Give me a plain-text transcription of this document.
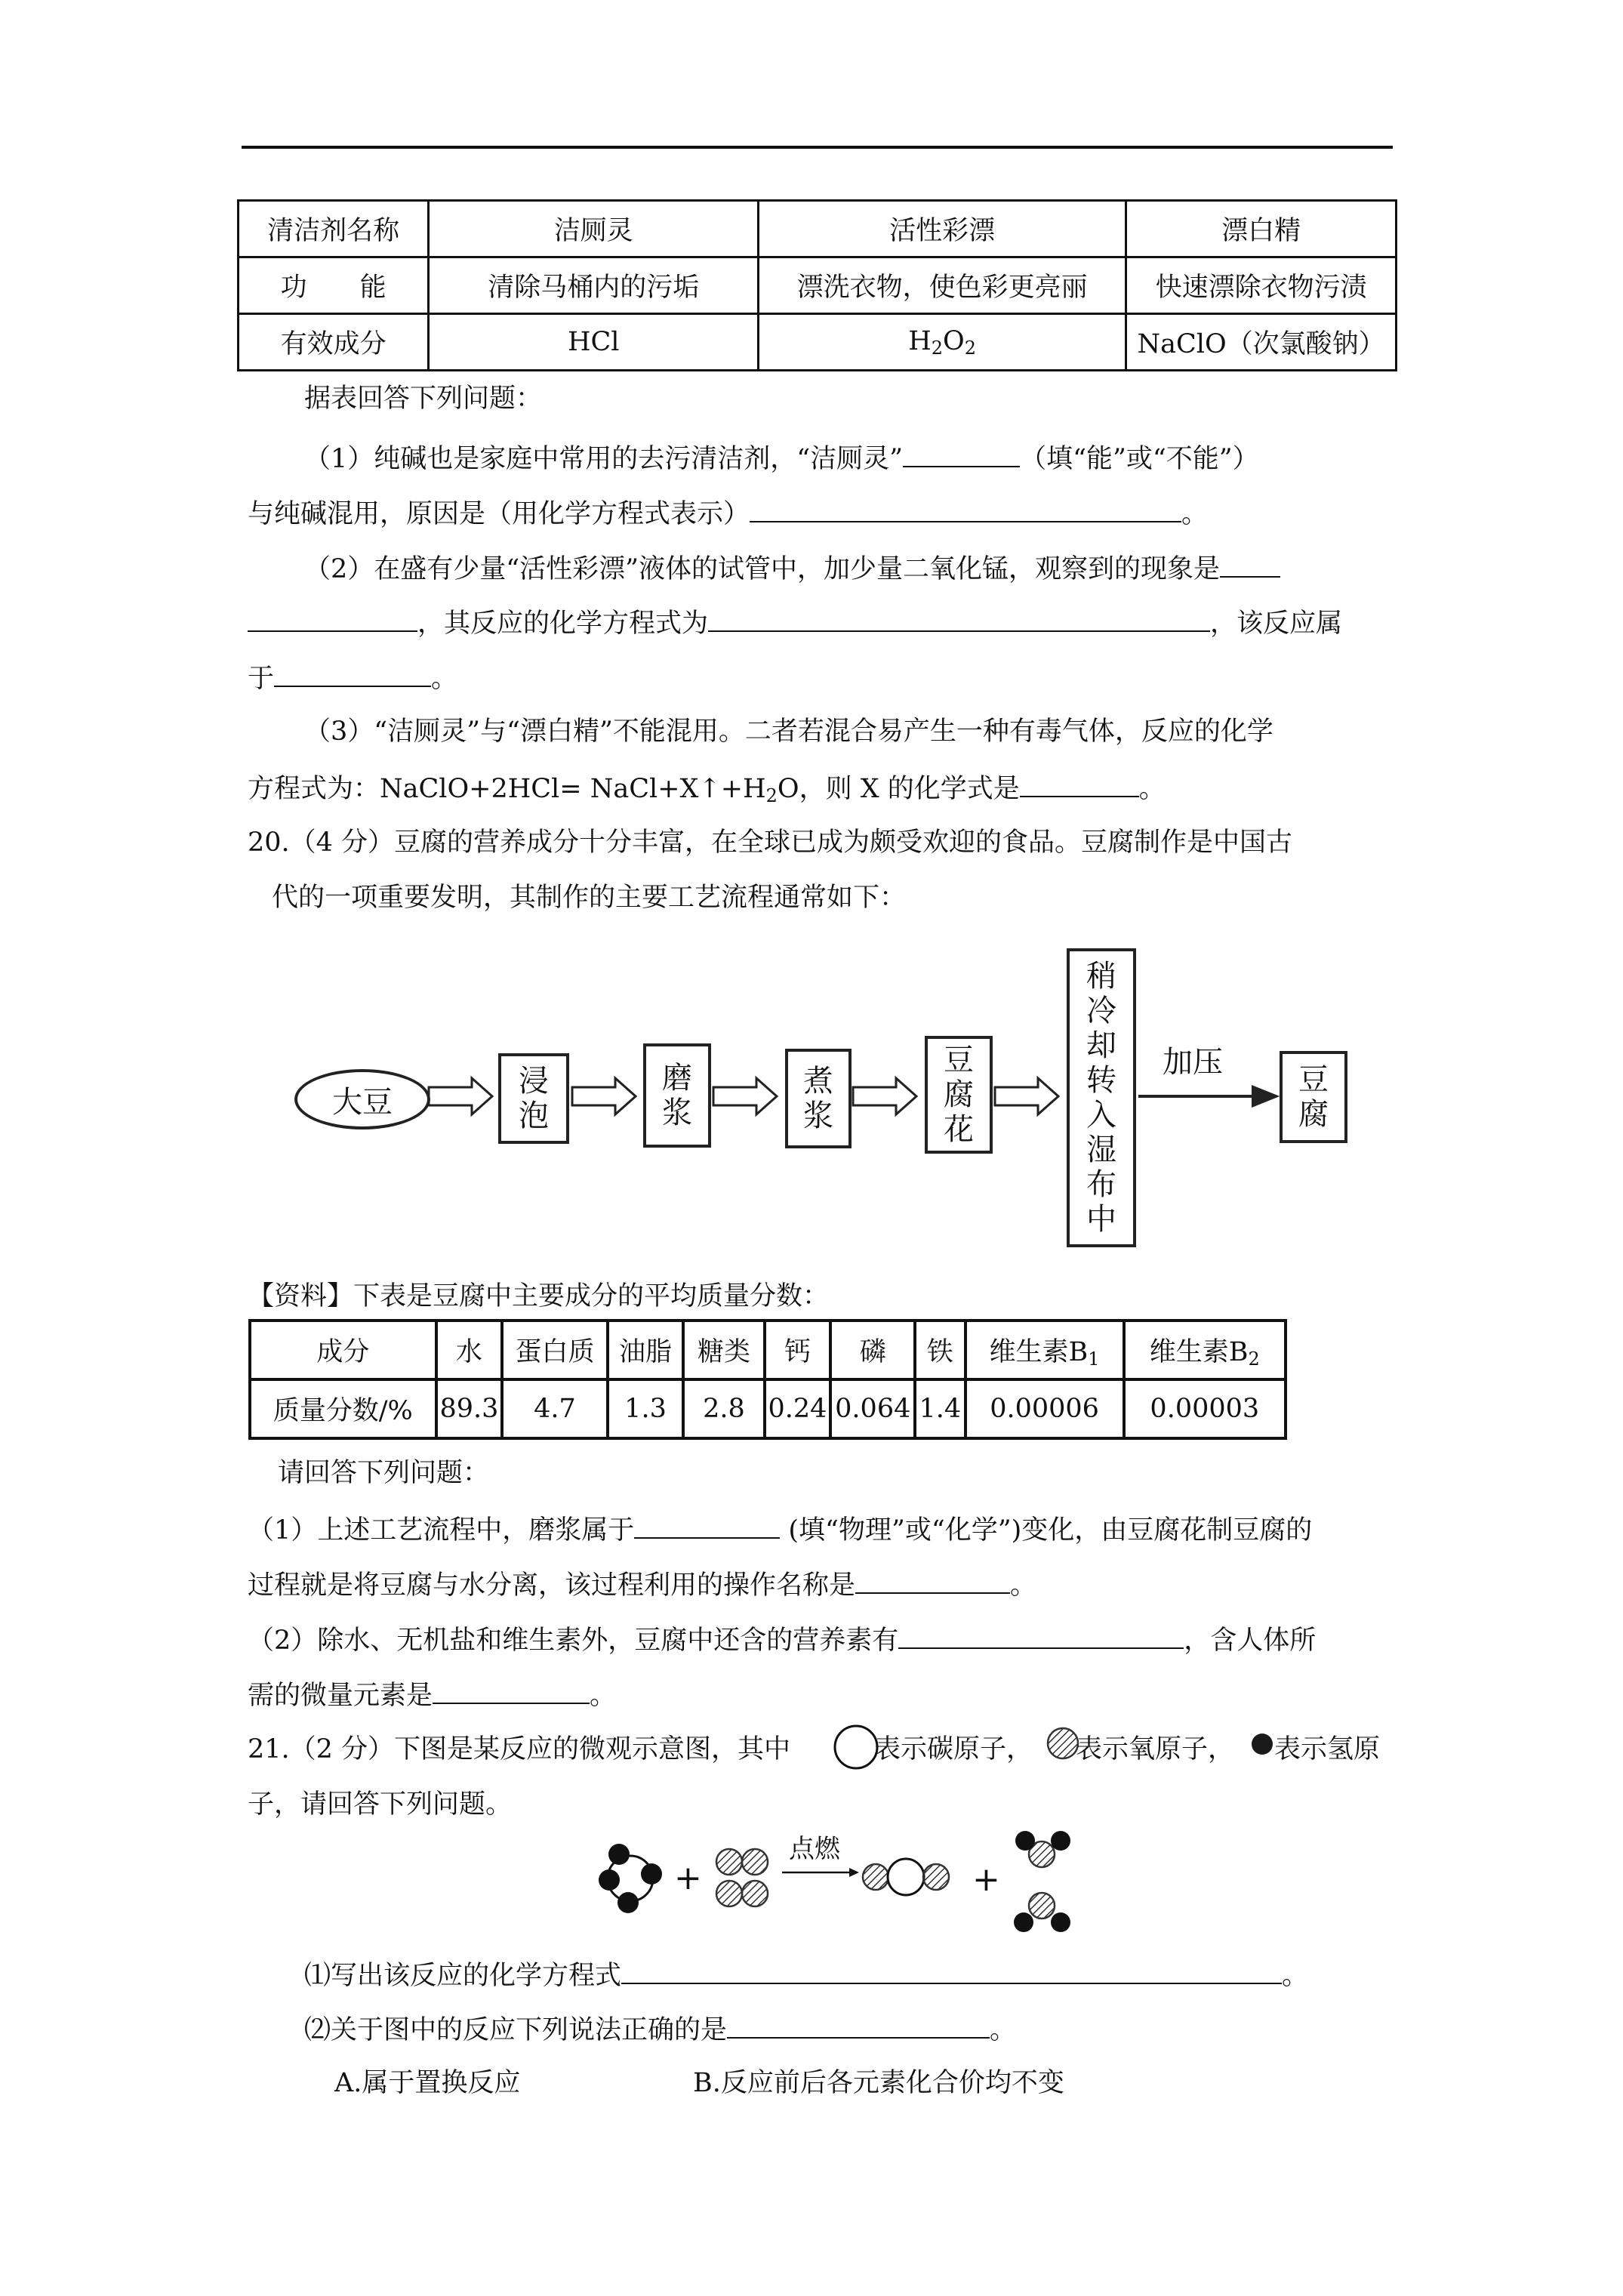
清洁剂名称	洁厕灵	活性彩漂	漂白精
功　　能	清除马桶内的污垢	漂洗衣物，使色彩更亮丽	快速漂除衣物污渍
有效成分	HCl	$H_2O_2$	NaClO（次氯酸钠）
据表回答下列问题：
（1）纯碱也是家庭中常用的去污清洁剂，“洁厕灵”	（填“能”或“不能”）
与纯碱混用，原因是（用化学方程式表示）	。
（2）在盛有少量“活性彩漂”液体的试管中，加少量二氧化锰，观察到的现象是
，其反应的化学方程式为	，该反应属
于	。
（3）“洁厕灵”与“漂白精”不能混用。二者若混合易产生一种有毒气体，反应的化学
方程式为：NaClO+2HCl= $NaCl+X↑+H_2O$，则 X 的化学式是	。
20.（4 分）豆腐的营养成分十分丰富，在全球已成为颇受欢迎的食品。豆腐制作是中国古
代的一项重要发明，其制作的主要工艺流程通常如下：
大豆
浸
泡
磨
浆
煮
浆
豆
腐
花
稍
冷
却
转
入
湿
布
中
加压	豆
腐
【资料】下表是豆腐中主要成分的平均质量分数：
成分	水	蛋白质	油脂	糖类	钙	磷	铁	维生素$B_1$	维生素$B_2$
质量分数/%	89.3	4.7	1.3	2.8	0.24	0.064	1.4	0.00006	0.00003
请回答下列问题：
（1）上述工艺流程中，磨浆属于	(填“物理”或“化学”)变化，由豆腐花制豆腐的
过程就是将豆腐与水分离，该过程利用的操作名称是	。
（2）除水、无机盐和维生素外，豆腐中还含的营养素有	，含人体所
需的微量元素是	。
21.（2 分）下图是某反应的微观示意图，其中	表示碳原子， 表示氧原子， 表示氢原
子，请回答下列问题。
+
点燃
+
⑴写出该反应的化学方程式	。
⑵关于图中的反应下列说法正确的是	。
A.属于置换反应	B.反应前后各元素化合价均不变
